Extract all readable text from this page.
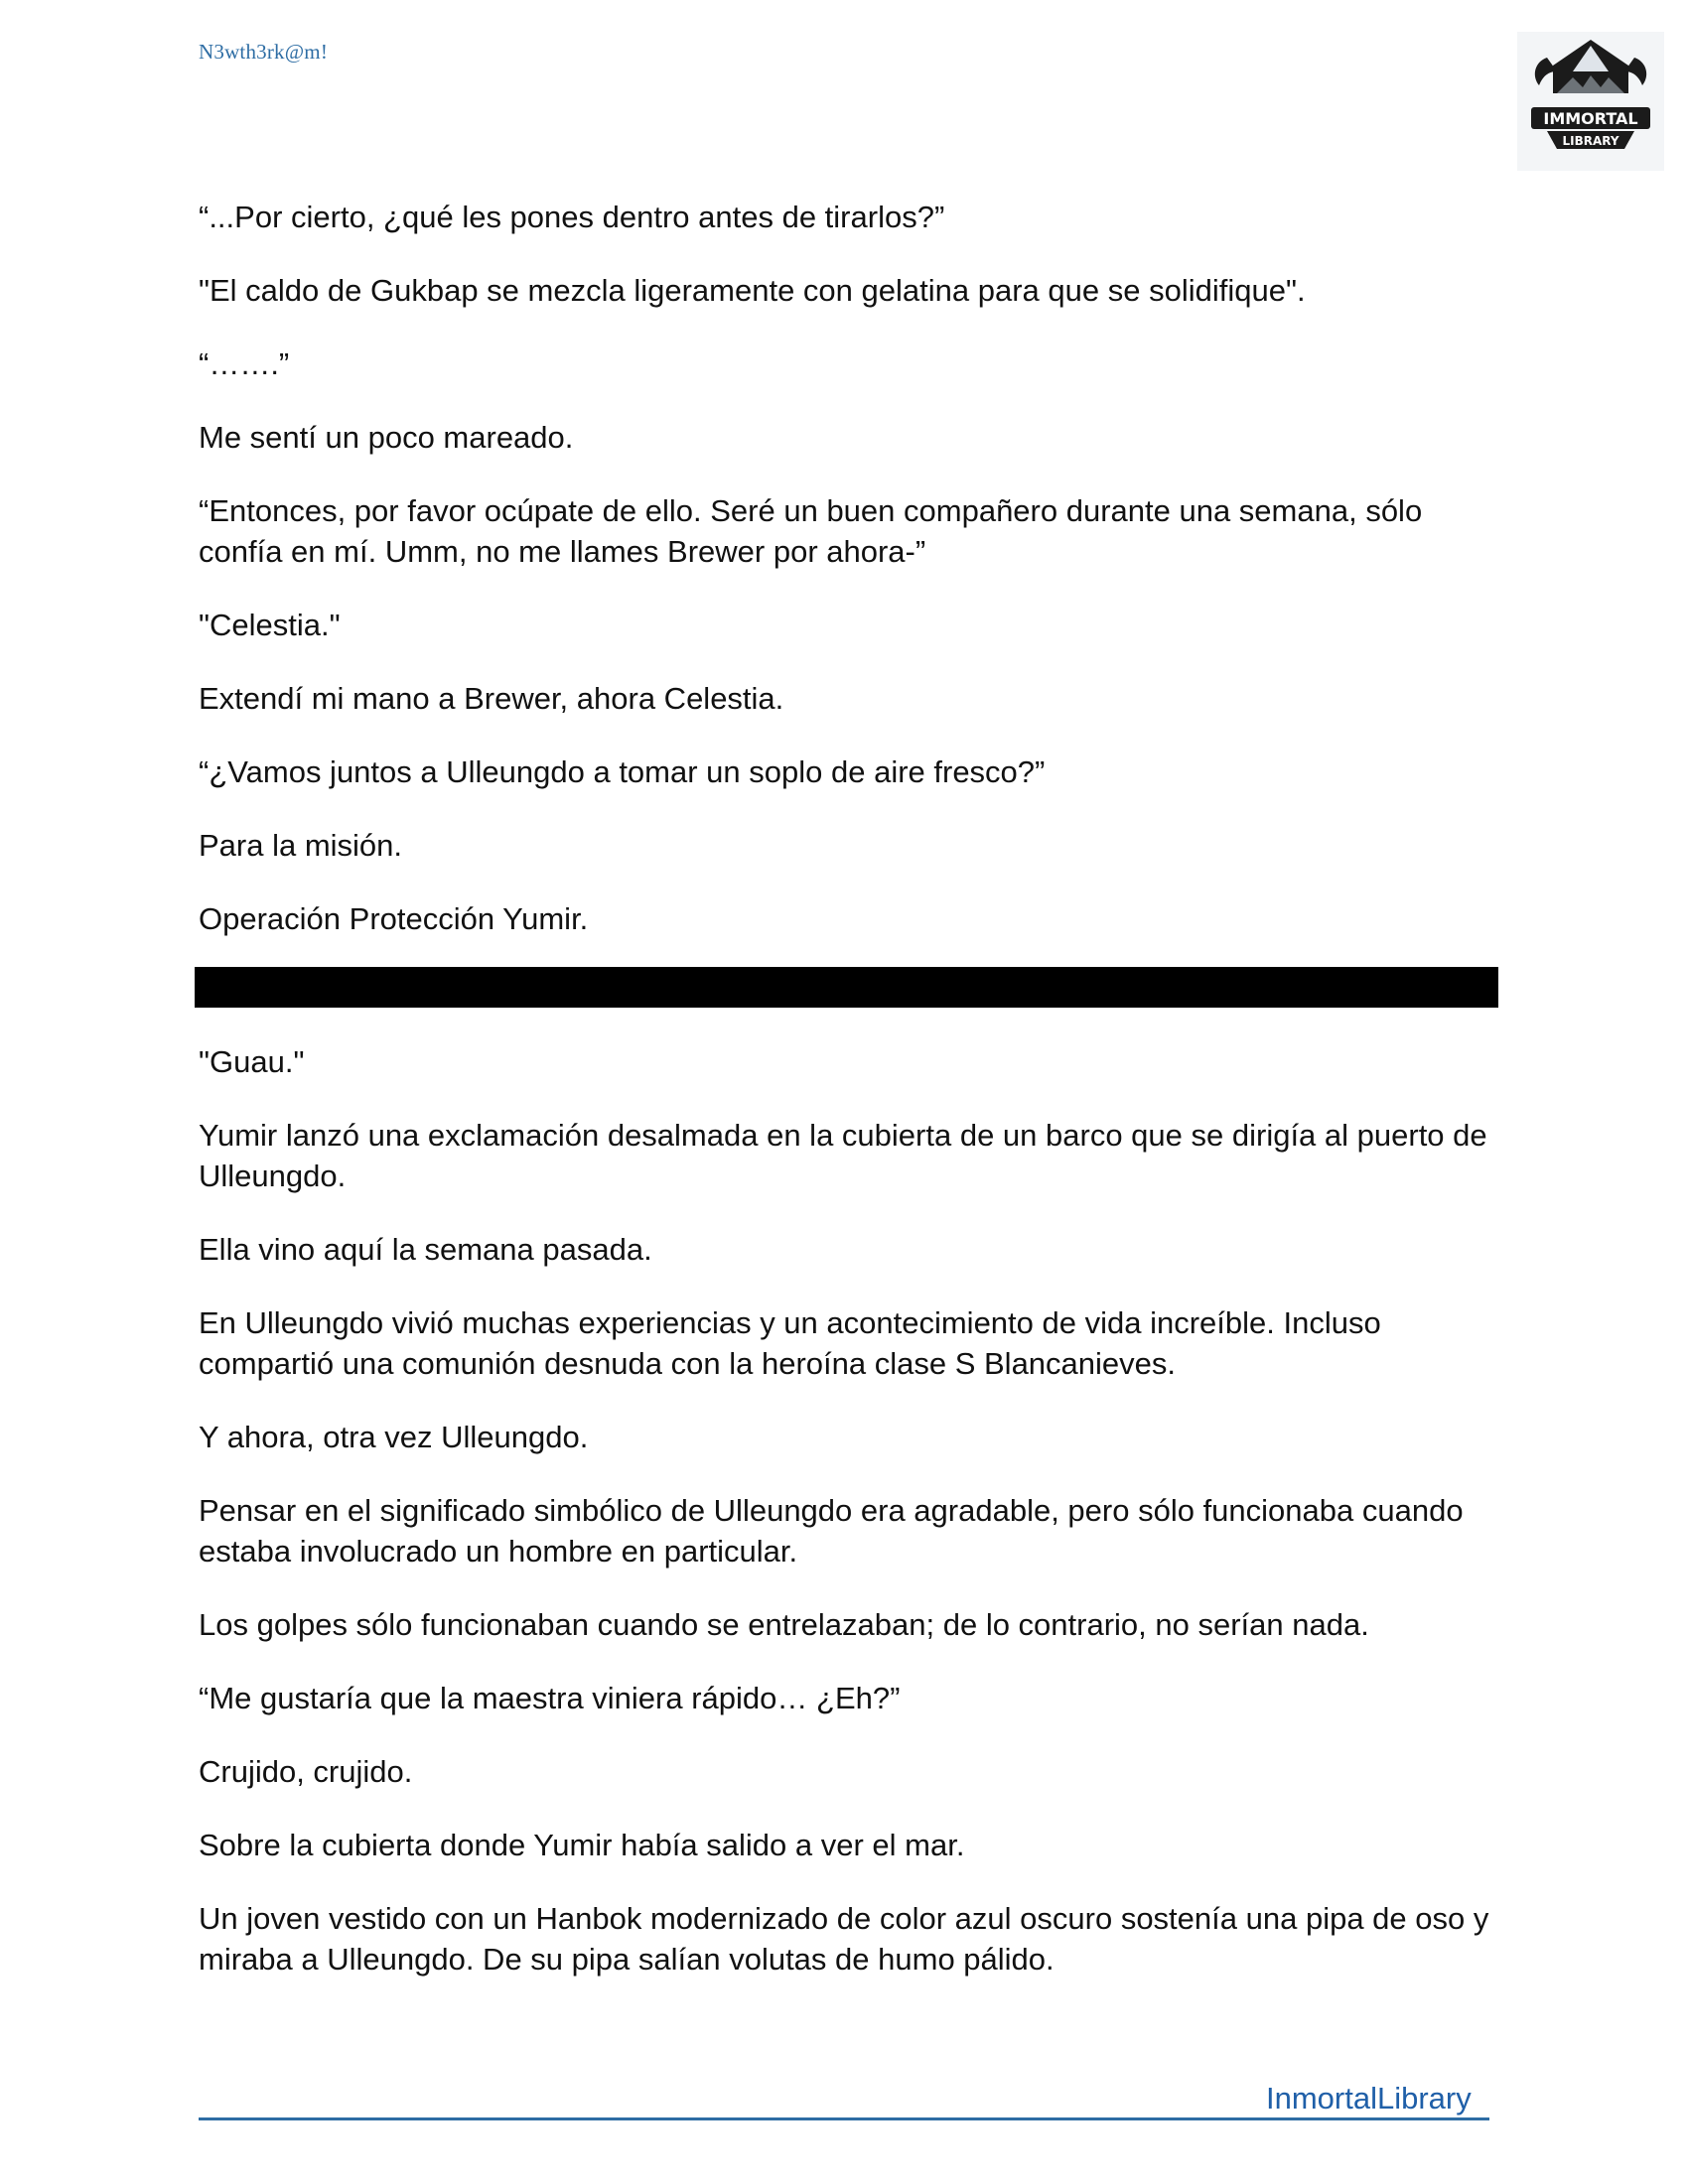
N3wth3rk@m!
IMMORTAL
LIBRARY

“...Por cierto, ¿qué les pones dentro antes de tirarlos?”

"El caldo de Gukbap se mezcla ligeramente con gelatina para que se solidifique".

“…….”

Me sentí un poco mareado.

“Entonces, por favor ocúpate de ello. Seré un buen compañero durante una semana, sólo confía en mí. Umm, no me llames Brewer por ahora-”

"Celestia."

Extendí mi mano a Brewer, ahora Celestia.

“¿Vamos juntos a Ulleungdo a tomar un soplo de aire fresco?”

Para la misión.

Operación Protección Yumir.

"Guau."

Yumir lanzó una exclamación desalmada en la cubierta de un barco que se dirigía al puerto de Ulleungdo.

Ella vino aquí la semana pasada.

En Ulleungdo vivió muchas experiencias y un acontecimiento de vida increíble. Incluso compartió una comunión desnuda con la heroína clase S Blancanieves.

Y ahora, otra vez Ulleungdo.

Pensar en el significado simbólico de Ulleungdo era agradable, pero sólo funcionaba cuando estaba involucrado un hombre en particular.

Los golpes sólo funcionaban cuando se entrelazaban; de lo contrario, no serían nada.

“Me gustaría que la maestra viniera rápido… ¿Eh?”

Crujido, crujido.

Sobre la cubierta donde Yumir había salido a ver el mar.

Un joven vestido con un Hanbok modernizado de color azul oscuro sostenía una pipa de oso y miraba a Ulleungdo. De su pipa salían volutas de humo pálido.

InmortalLibrary
